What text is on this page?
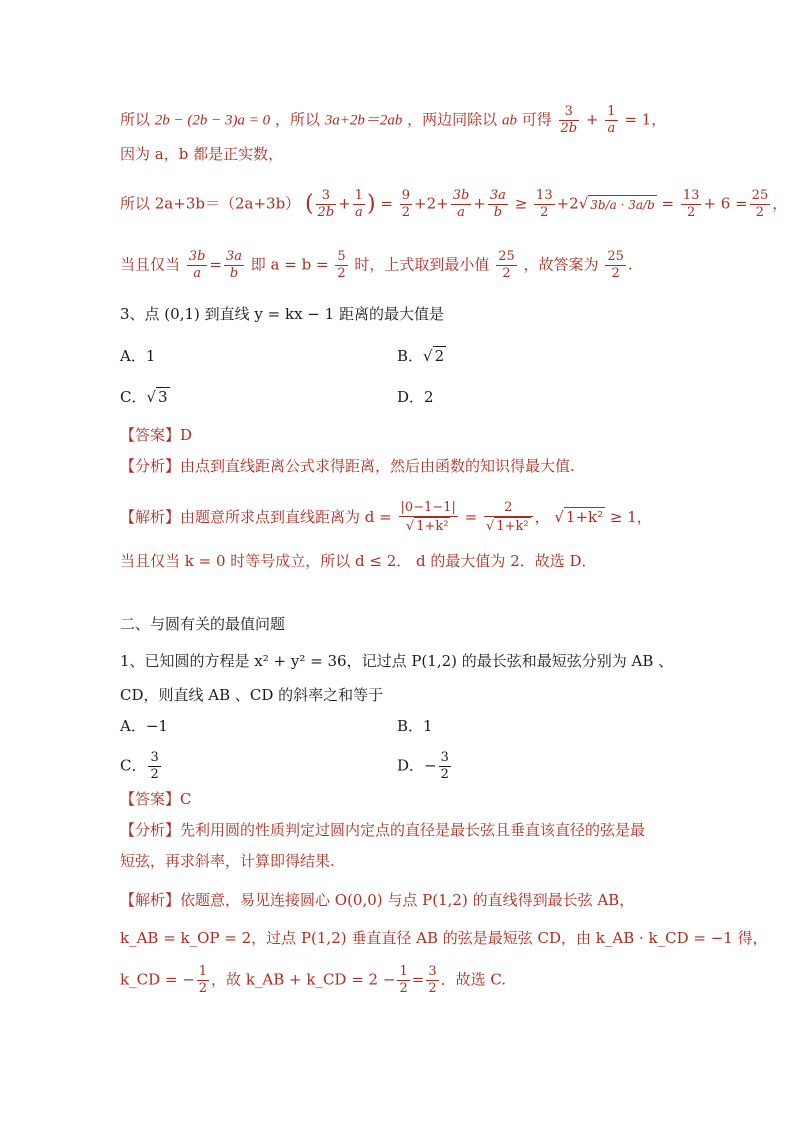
所以 2b − (2b − 3)a = 0 ，所以 3a+2b＝2ab ，两边同除以 ab 可得 $\frac{3}{2b} + \frac{1}{a} = 1$，
因为 a，b 都是正实数，
所以 2a+3b＝（2a+3b） ( $\frac{3}{2b} + \frac{1}{a}$ ) = $\frac{9}{2} +2+ \frac{3b}{a} + \frac{3a}{b} \ge \frac{13}{2} +2√$ $3b/a \cdot 3a/b = \frac{13}{2} + 6 = \frac{25}{2}$ ，
当且仅当 $\frac{3b}{a} = \frac{3a}{b}$ 即 $a = b = \frac{5}{2}$ 时，上式取到最小值 $\frac{25}{2}$ ，故答案为 $\frac{25}{2}$ .
3、点 (0,1) 到直线 y = kx − 1 距离的最大值是
A．1	B．√ 2
C．√ 3	D．2
【答案】D
【分析】由点到直线距离公式求得距离，然后由函数的知识得最大值.
【解析】由题意所求点到直线距离为 $d = \frac{|0-1-1|}{\text{√ 1+k²}} = \frac{2}{\text{√ 1+k²}}$ ， √ 1+k² ≥ 1，
当且仅当 k = 0 时等号成立，所以 d ≤ 2． d 的最大值为 2．故选 D．
二、与圆有关的最值问题
1、已知圆的方程是 x² + y² = 36，记过点 P(1,2) 的最长弦和最短弦分别为 AB 、
CD，则直线 AB 、CD 的斜率之和等于
A．−1	B．1
C． $\frac{3}{2}$	D．− $\frac{3}{2}$
【答案】C
【分析】先利用圆的性质判定过圆内定点的直径是最长弦且垂直该直径的弦是最
短弦，再求斜率，计算即得结果.
【解析】依题意，易见连接圆心 O(0,0) 与点 P(1,2) 的直线得到最长弦 AB，
k_AB = k_OP = 2，过点 P(1,2) 垂直直径 AB 的弦是最短弦 CD，由 k_AB · k_CD = −1 得，
k_CD = − $\frac{1}{2}$ ，故 k_AB + k_CD = $2 - \frac{1}{2} = \frac{3}{2}$ ．故选 C.
